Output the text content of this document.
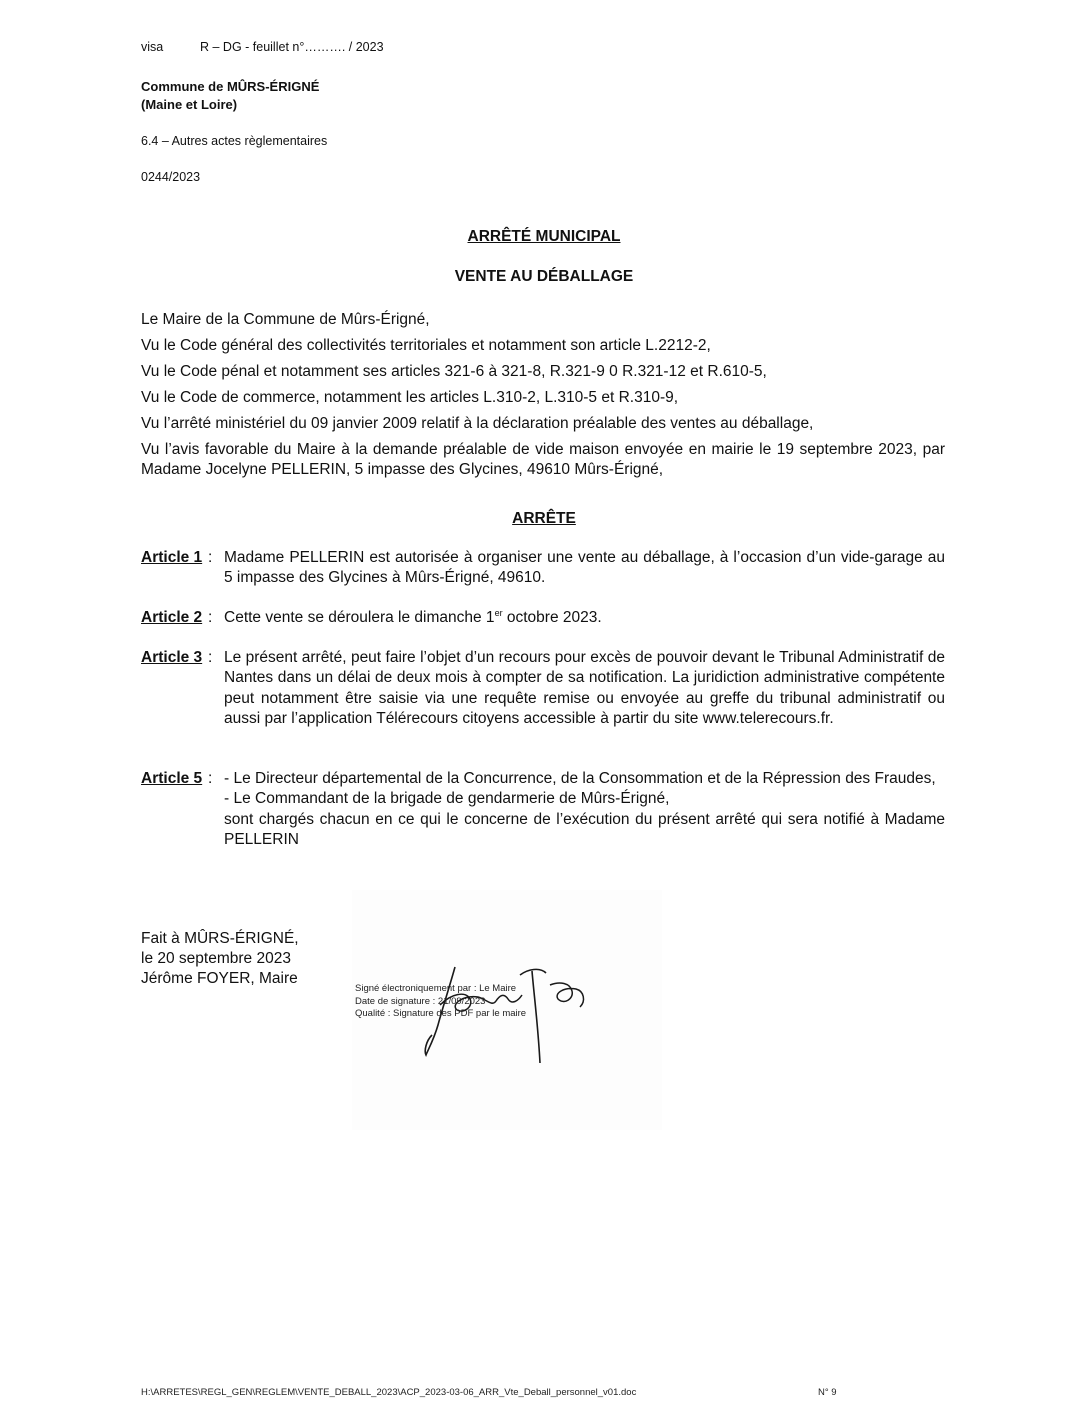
visa	R – DG - feuillet n°………. / 2023
Commune de MÛRS-ÉRIGNÉ
(Maine et Loire)
6.4 – Autres actes règlementaires
0244/2023
ARRÊTÉ MUNICIPAL
VENTE AU DÉBALLAGE
Le Maire de la Commune de Mûrs-Érigné,
Vu le Code général des collectivités territoriales et notamment son article L.2212-2,
Vu le Code pénal et notamment ses articles 321-6 à 321-8, R.321-9 0 R.321-12 et R.610-5,
Vu le Code de commerce, notamment les articles L.310-2, L.310-5 et R.310-9,
Vu l’arrêté ministériel du 09 janvier 2009 relatif à la déclaration préalable des ventes au déballage,
Vu l’avis favorable du Maire à la demande préalable de vide maison envoyée en mairie le 19 septembre 2023, par Madame Jocelyne PELLERIN, 5 impasse des Glycines, 49610 Mûrs-Érigné,
ARRÊTE
Article 1 : Madame PELLERIN est autorisée à organiser une vente au déballage, à l’occasion d’un vide-garage au 5 impasse des Glycines à Mûrs-Érigné, 49610.
Article 2 : Cette vente se déroulera le dimanche 1er octobre 2023.
Article 3 : Le présent arrêté, peut faire l’objet d’un recours pour excès de pouvoir devant le Tribunal Administratif de Nantes dans un délai de deux mois à compter de sa notification. La juridiction administrative compétente peut notamment être saisie via une requête remise ou envoyée au greffe du tribunal administratif ou aussi par l’application Télérecours citoyens accessible à partir du site www.telerecours.fr.
Article 5 : - Le Directeur départemental de la Concurrence, de la Consommation et de la Répression des Fraudes,
- Le Commandant de la brigade de gendarmerie de Mûrs-Érigné,
sont chargés chacun en ce qui le concerne de l’exécution du présent arrêté qui sera notifié à Madame PELLERIN
Fait à MÛRS-ÉRIGNÉ,
le 20 septembre 2023
Jérôme FOYER, Maire
Signé électroniquement par : Le Maire
Date de signature : 21/09/2023
Qualité : Signature des PDF par le maire
H:\ARRETES\REGL_GEN\REGLEM\VENTE_DEBALL_2023\ACP_2023-03-06_ARR_Vte_Deball_personnel_v01.doc	N° 9
